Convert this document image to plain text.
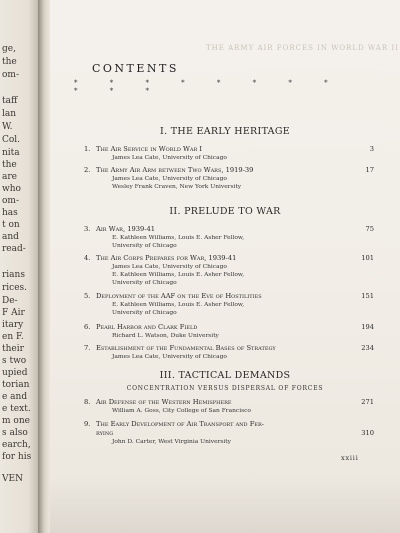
ge,
the
om-
taff
lan
W.
Col.
nita
the
are
who
om-
has
t on
and
read-
rians
rices.
De-
F Air
itary
en F.
their
s two
upied
torian
e and
e text.
m one
s also
earch,
for his
VEN
THE ARMY AIR FORCES IN WORLD WAR II
CONTENTS
* * * * * * * * * * *
I. THE EARLY HERITAGE
1. The Air Service in World War I	3
James Lea Cate, University of Chicago
2. The Army Air Arm between Two Wars, 1919-39	17
James Lea Cate, University of Chicago
Wesley Frank Craven, New York University
II. PRELUDE TO WAR
3. Air War, 1939-41	75
E. Kathleen Williams, Louis E. Asher Fellow,
University of Chicago
4. The Air Corps Prepares for War, 1939-41	101
James Lea Cate, University of Chicago
E. Kathleen Williams, Louis E. Asher Fellow,
University of Chicago
5. Deployment of the AAF on the Eve of Hostilities	151
E. Kathleen Williams, Louis E. Asher Fellow,
University of Chicago
6. Pearl Harbor and Clark Field	194
Richard L. Watson, Duke University
7. Establishment of the Fundamental Bases of Strategy	234
James Lea Cate, University of Chicago
III. TACTICAL DEMANDS
CONCENTRATION VERSUS DISPERSAL OF FORCES
8. Air Defense of the Western Hemisphere	271
William A. Goss, City College of San Francisco
9. The Early Development of Air Transport and Fer-
rying	310
John D. Carter, West Virginia University
xxiii
